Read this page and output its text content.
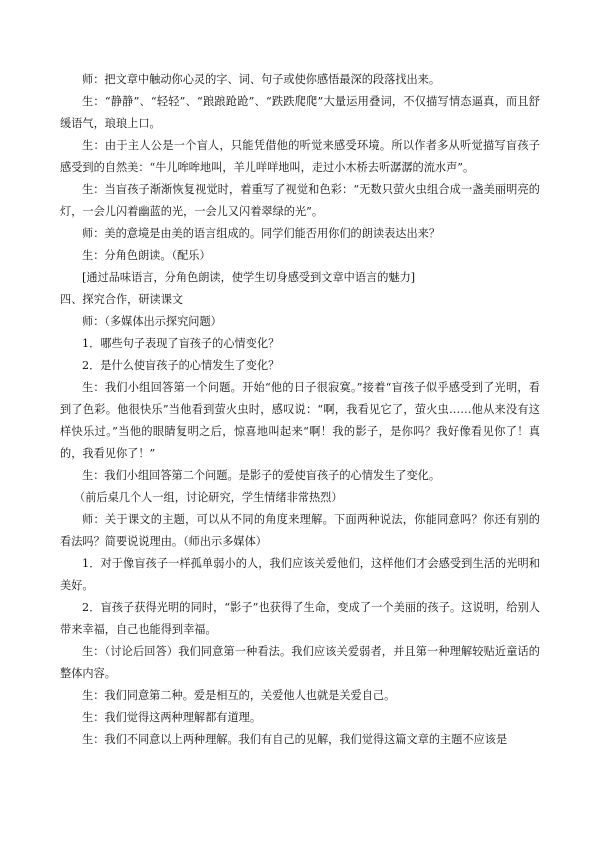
师：把文章中触动你心灵的字、词、句子或使你感悟最深的段落找出来。

生：“静静”、“轻轻”、“踉踉跄跄”、“跌跌爬爬”大量运用叠词，不仅描写情态逼真，而且舒缓语气，琅琅上口。

生：由于主人公是一个盲人，只能凭借他的听觉来感受环境。所以作者多从听觉描写盲孩子感受到的自然美：“牛儿哞哞地叫，羊儿咩咩地叫，走过小木桥去听潺潺的流水声”。

生：当盲孩子渐渐恢复视觉时，着重写了视觉和色彩：“无数只萤火虫组合成一盏美丽明亮的灯，一会儿闪着幽蓝的光，一会儿又闪着翠绿的光”。

师：美的意境是由美的语言组成的。同学们能否用你们的朗读表达出来？

生：分角色朗读。（配乐）

[通过品味语言，分角色朗读，使学生切身感受到文章中语言的魅力]

四、探究合作，研读课文

师：（多媒体出示探究问题）

1．哪些句子表现了盲孩子的心情变化？

2．是什么使盲孩子的心情发生了变化？

生：我们小组回答第一个问题。开始“他的日子很寂寞。”接着“盲孩子似乎感受到了光明，看到了色彩。他很快乐”当他看到萤火虫时，感叹说：“啊，我看见它了，萤火虫……他从来没有这样快乐过。”当他的眼睛复明之后，惊喜地叫起来“啊！我的影子，是你吗？我好像看见你了！真的，我看见你了！”

生：我们小组回答第二个问题。是影子的爱使盲孩子的心情发生了变化。

（前后桌几个人一组，讨论研究，学生情绪非常热烈）

师：关于课文的主题，可以从不同的角度来理解。下面两种说法，你能同意吗？你还有别的看法吗？简要说说理由。（师出示多媒体）

1．对于像盲孩子一样孤单弱小的人，我们应该关爱他们，这样他们才会感受到生活的光明和美好。

2．盲孩子获得光明的同时，“影子”也获得了生命，变成了一个美丽的孩子。这说明，给别人带来幸福，自己也能得到幸福。

生：（讨论后回答）我们同意第一种看法。我们应该关爱弱者，并且第一种理解较贴近童话的整体内容。

生：我们同意第二种。爱是相互的，关爱他人也就是关爱自己。

生：我们觉得这两种理解都有道理。

生：我们不同意以上两种理解。我们有自己的见解，我们觉得这篇文章的主题不应该是
